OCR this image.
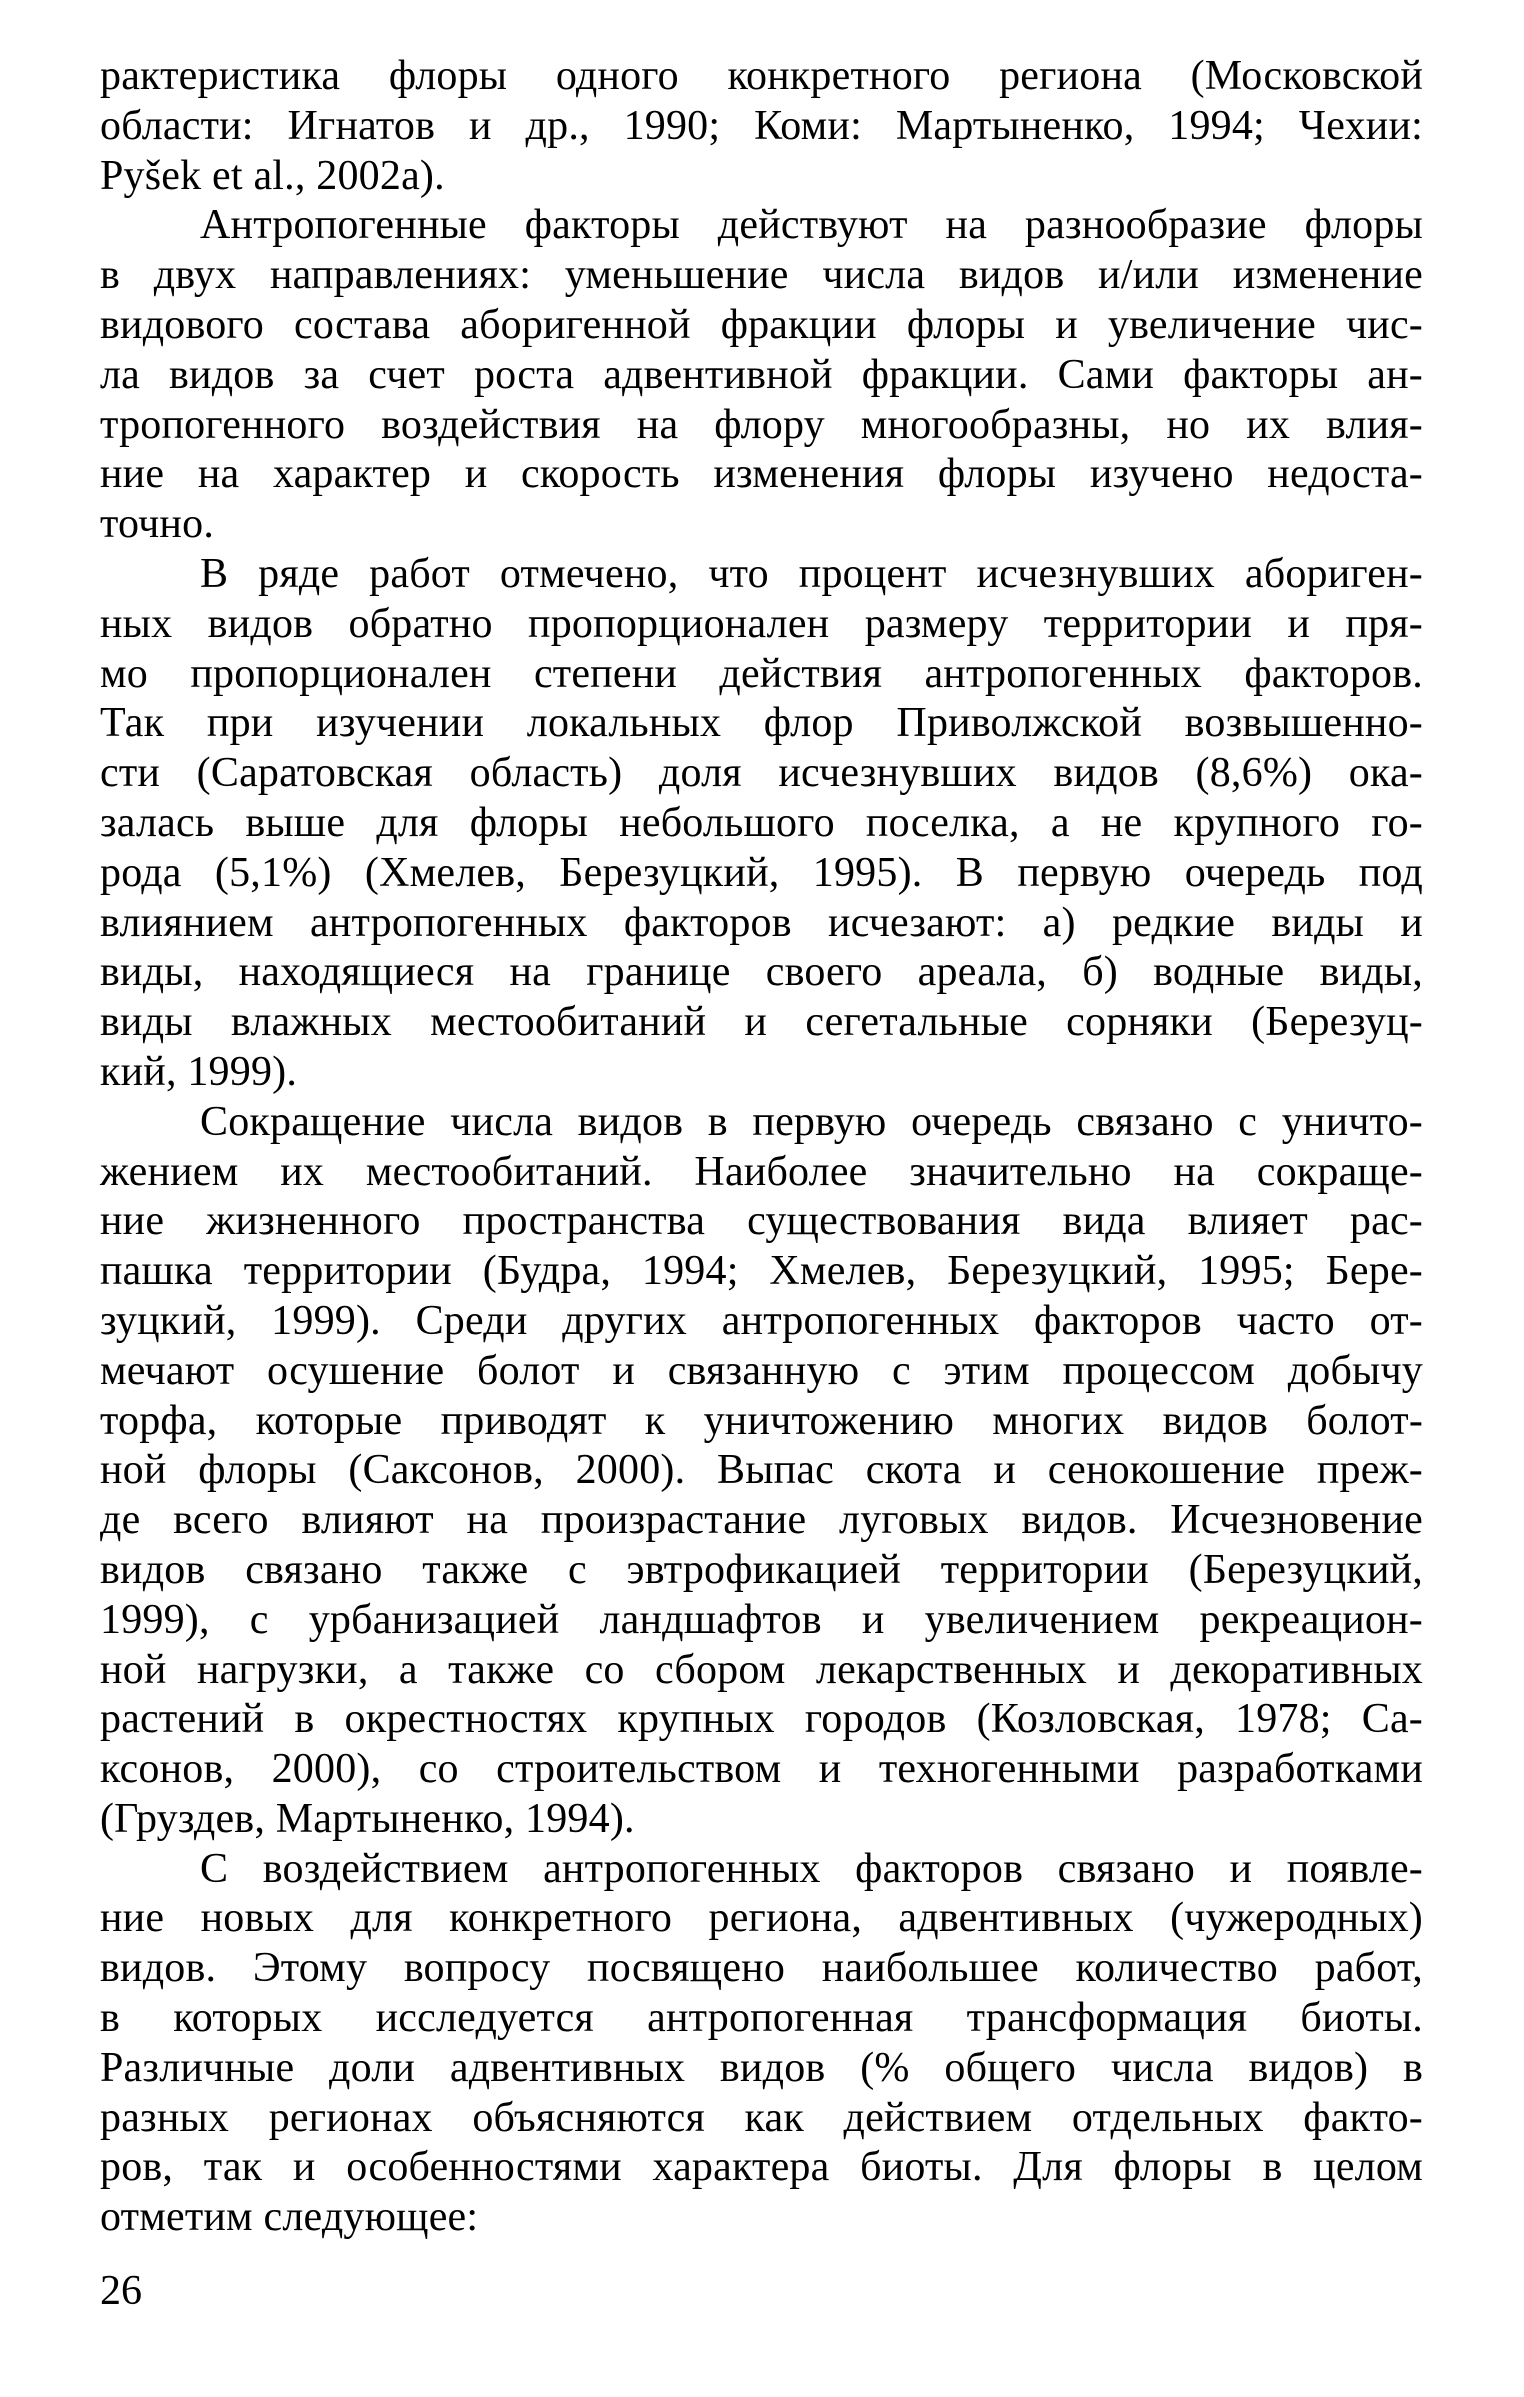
рактеристика флоры одного конкретного региона (Московской
области: Игнатов и др., 1990; Коми: Мартыненко, 1994; Чехии:
Pyšek et al., 2002a).
Антропогенные факторы действуют на разнообразие флоры
в двух направлениях: уменьшение числа видов и/или изменение
видового состава аборигенной фракции флоры и увеличение чис-
ла видов за счет роста адвентивной фракции. Сами факторы ан-
тропогенного воздействия на флору многообразны, но их влия-
ние на характер и скорость изменения флоры изучено недоста-
точно.
В ряде работ отмечено, что процент исчезнувших абориген-
ных видов обратно пропорционален размеру территории и пря-
мо пропорционален степени действия антропогенных факторов.
Так при изучении локальных флор Приволжской возвышенно-
сти (Саратовская область) доля исчезнувших видов (8,6%) ока-
залась выше для флоры небольшого поселка, а не крупного го-
рода (5,1%) (Хмелев, Березуцкий, 1995). В первую очередь под
влиянием антропогенных факторов исчезают: а) редкие виды и
виды, находящиеся на границе своего ареала, б) водные виды,
виды влажных местообитаний и сегетальные сорняки (Березуц-
кий, 1999).
Сокращение числа видов в первую очередь связано с уничто-
жением их местообитаний. Наиболее значительно на сокраще-
ние жизненного пространства существования вида влияет рас-
пашка территории (Будра, 1994; Хмелев, Березуцкий, 1995; Бере-
зуцкий, 1999). Среди других антропогенных факторов часто от-
мечают осушение болот и связанную с этим процессом добычу
торфа, которые приводят к уничтожению многих видов болот-
ной флоры (Саксонов, 2000). Выпас скота и сенокошение преж-
де всего влияют на произрастание луговых видов. Исчезновение
видов связано также с эвтрофикацией территории (Березуцкий,
1999), с урбанизацией ландшафтов и увеличением рекреацион-
ной нагрузки, а также со сбором лекарственных и декоративных
растений в окрестностях крупных городов (Козловская, 1978; Са-
ксонов, 2000), со строительством и техногенными разработками
(Груздев, Мартыненко, 1994).
С воздействием антропогенных факторов связано и появле-
ние новых для конкретного региона, адвентивных (чужеродных)
видов. Этому вопросу посвящено наибольшее количество работ,
в которых исследуется антропогенная трансформация биоты.
Различные доли адвентивных видов (% общего числа видов) в
разных регионах объясняются как действием отдельных факто-
ров, так и особенностями характера биоты. Для флоры в целом
отметим следующее:
26
